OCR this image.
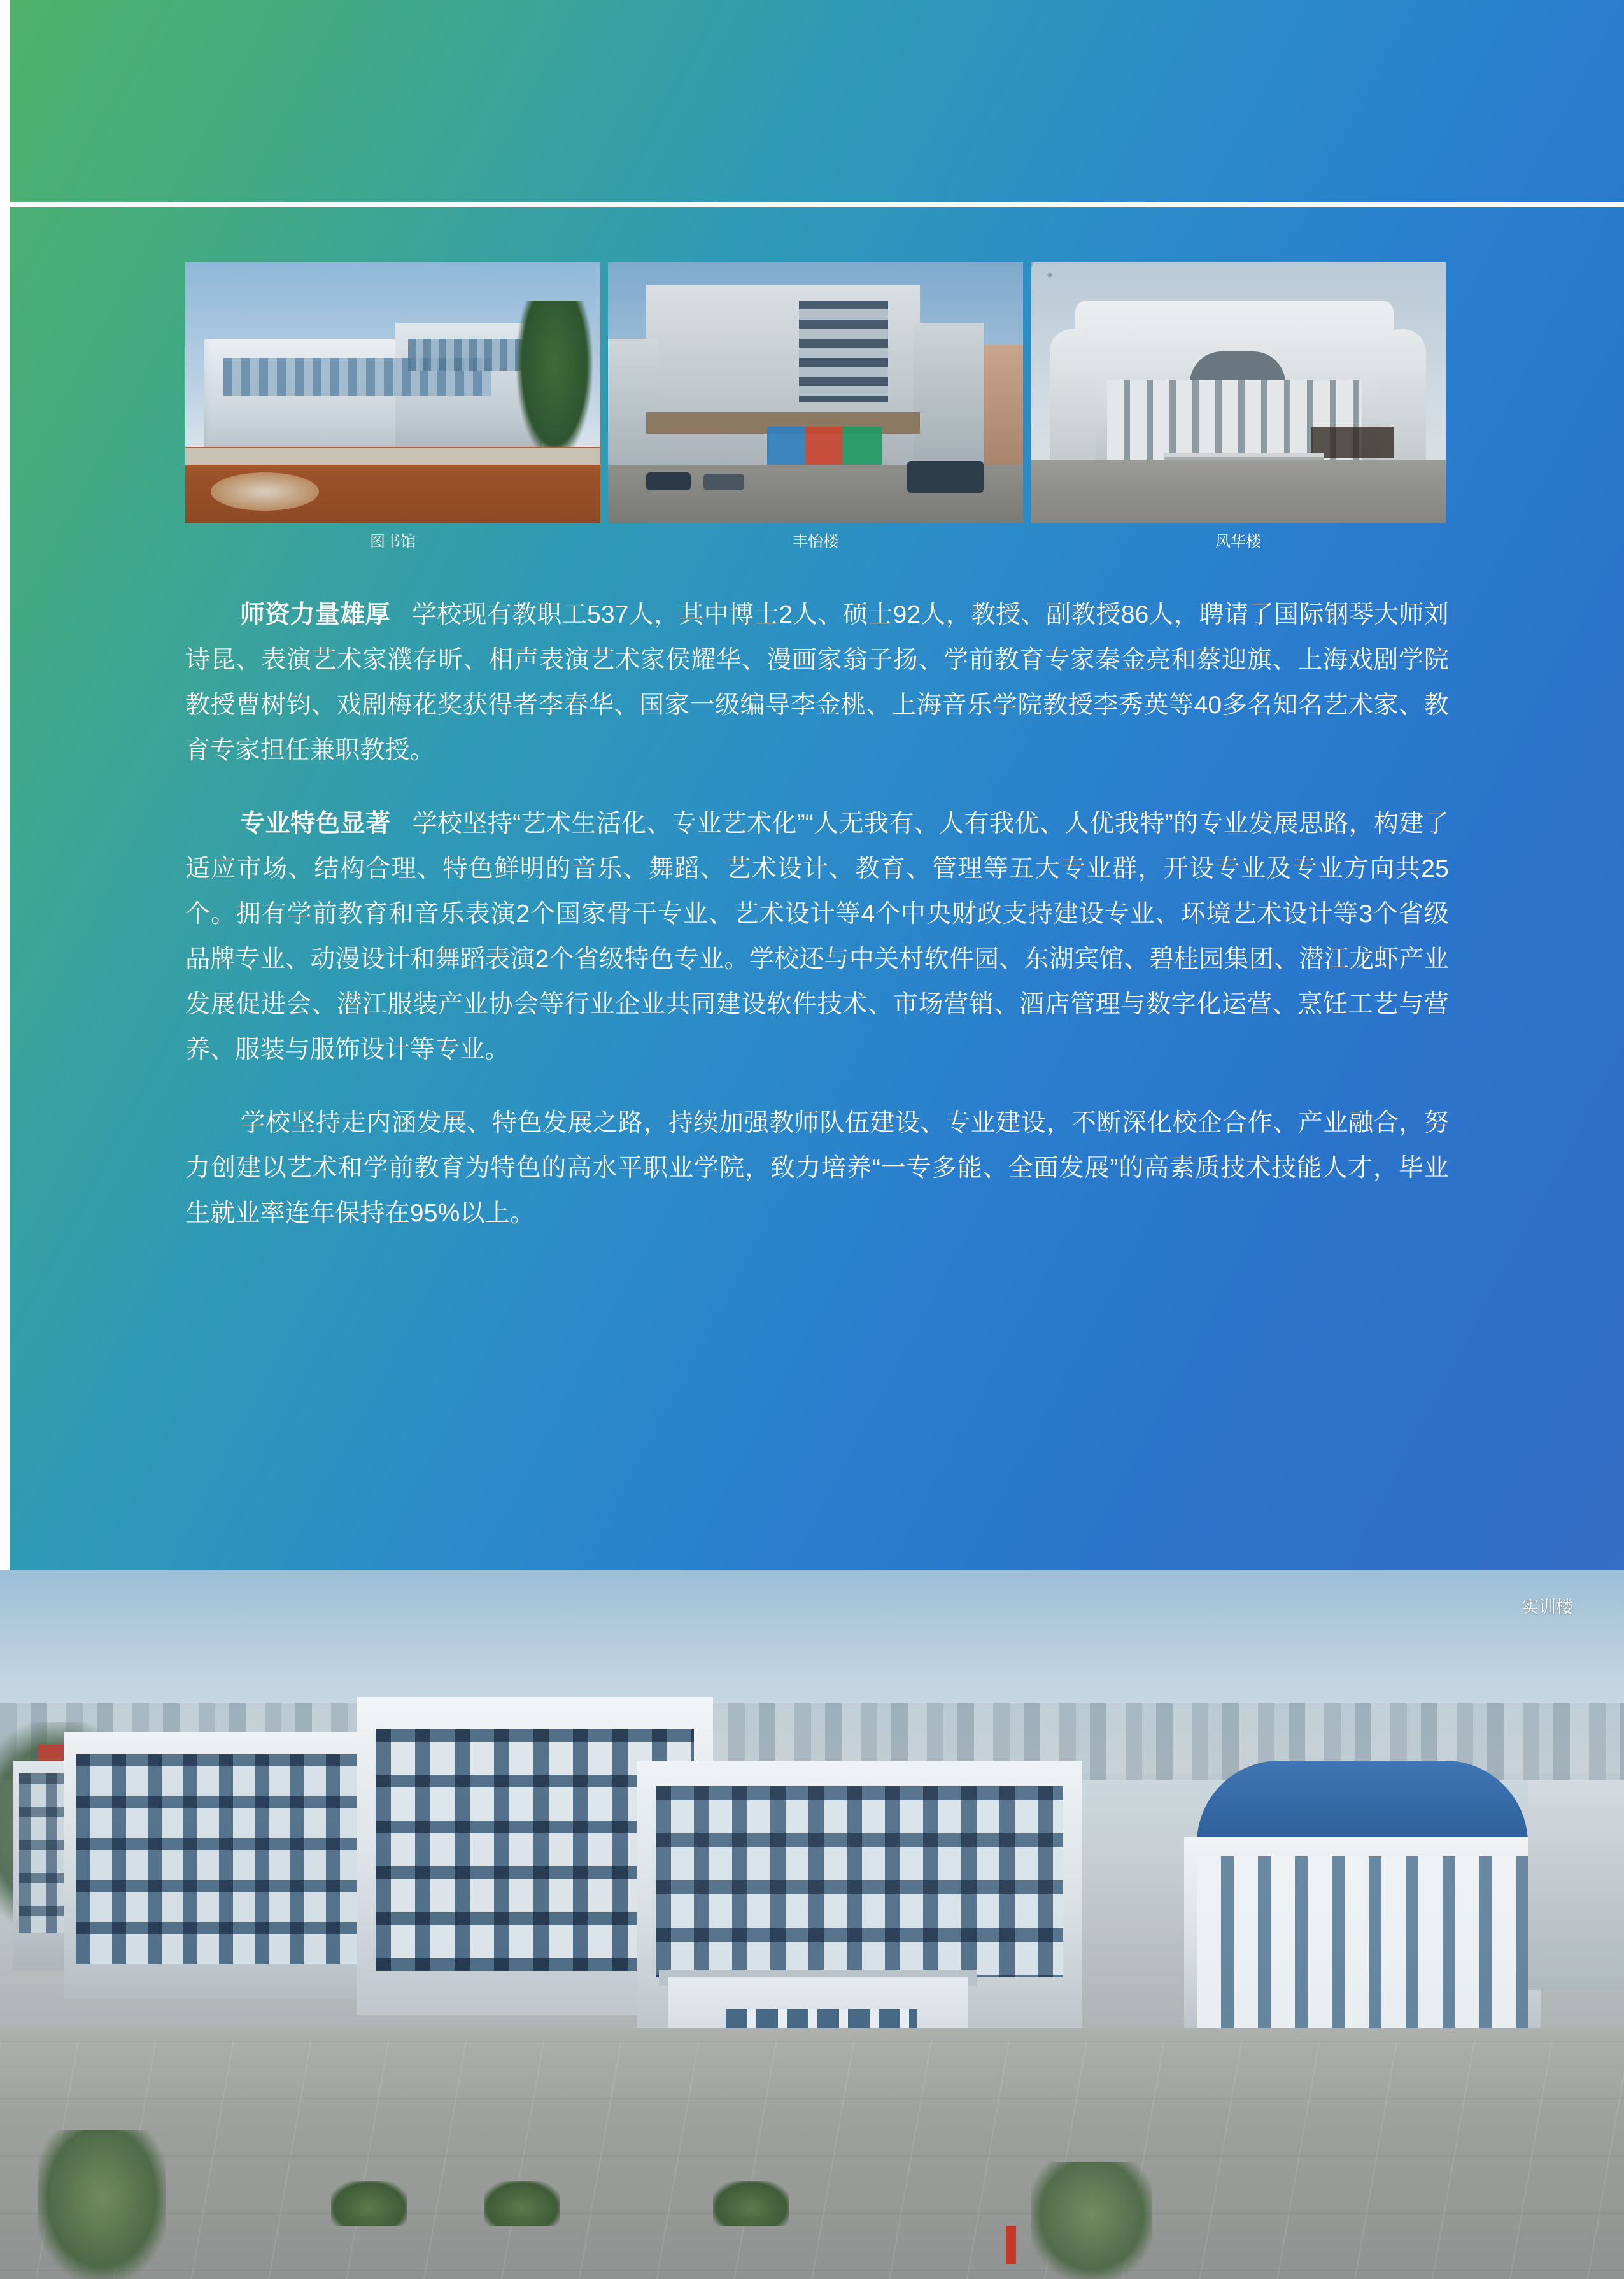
图书馆	丰怡楼	风华楼

师资力量雄厚 学校现有教职工537人，其中博士2人、硕士92人，教授、副教授86人，聘请了国际钢琴大师刘诗昆、表演艺术家濮存昕、相声表演艺术家侯耀华、漫画家翁子扬、学前教育专家秦金亮和蔡迎旗、上海戏剧学院教授曹树钧、戏剧梅花奖获得者李春华、国家一级编导李金桃、上海音乐学院教授李秀英等40多名知名艺术家、教育专家担任兼职教授。

专业特色显著 学校坚持“艺术生活化、专业艺术化”“人无我有、人有我优、人优我特”的专业发展思路，构建了适应市场、结构合理、特色鲜明的音乐、舞蹈、艺术设计、教育、管理等五大专业群，开设专业及专业方向共25个。拥有学前教育和音乐表演2个国家骨干专业、艺术设计等4个中央财政支持建设专业、环境艺术设计等3个省级品牌专业、动漫设计和舞蹈表演2个省级特色专业。学校还与中关村软件园、东湖宾馆、碧桂园集团、潜江龙虾产业发展促进会、潜江服装产业协会等行业企业共同建设软件技术、市场营销、酒店管理与数字化运营、烹饪工艺与营养、服装与服饰设计等专业。

学校坚持走内涵发展、特色发展之路，持续加强教师队伍建设、专业建设，不断深化校企合作、产业融合，努力创建以艺术和学前教育为特色的高水平职业学院，致力培养“一专多能、全面发展”的高素质技术技能人才，毕业生就业率连年保持在95%以上。

实训楼
